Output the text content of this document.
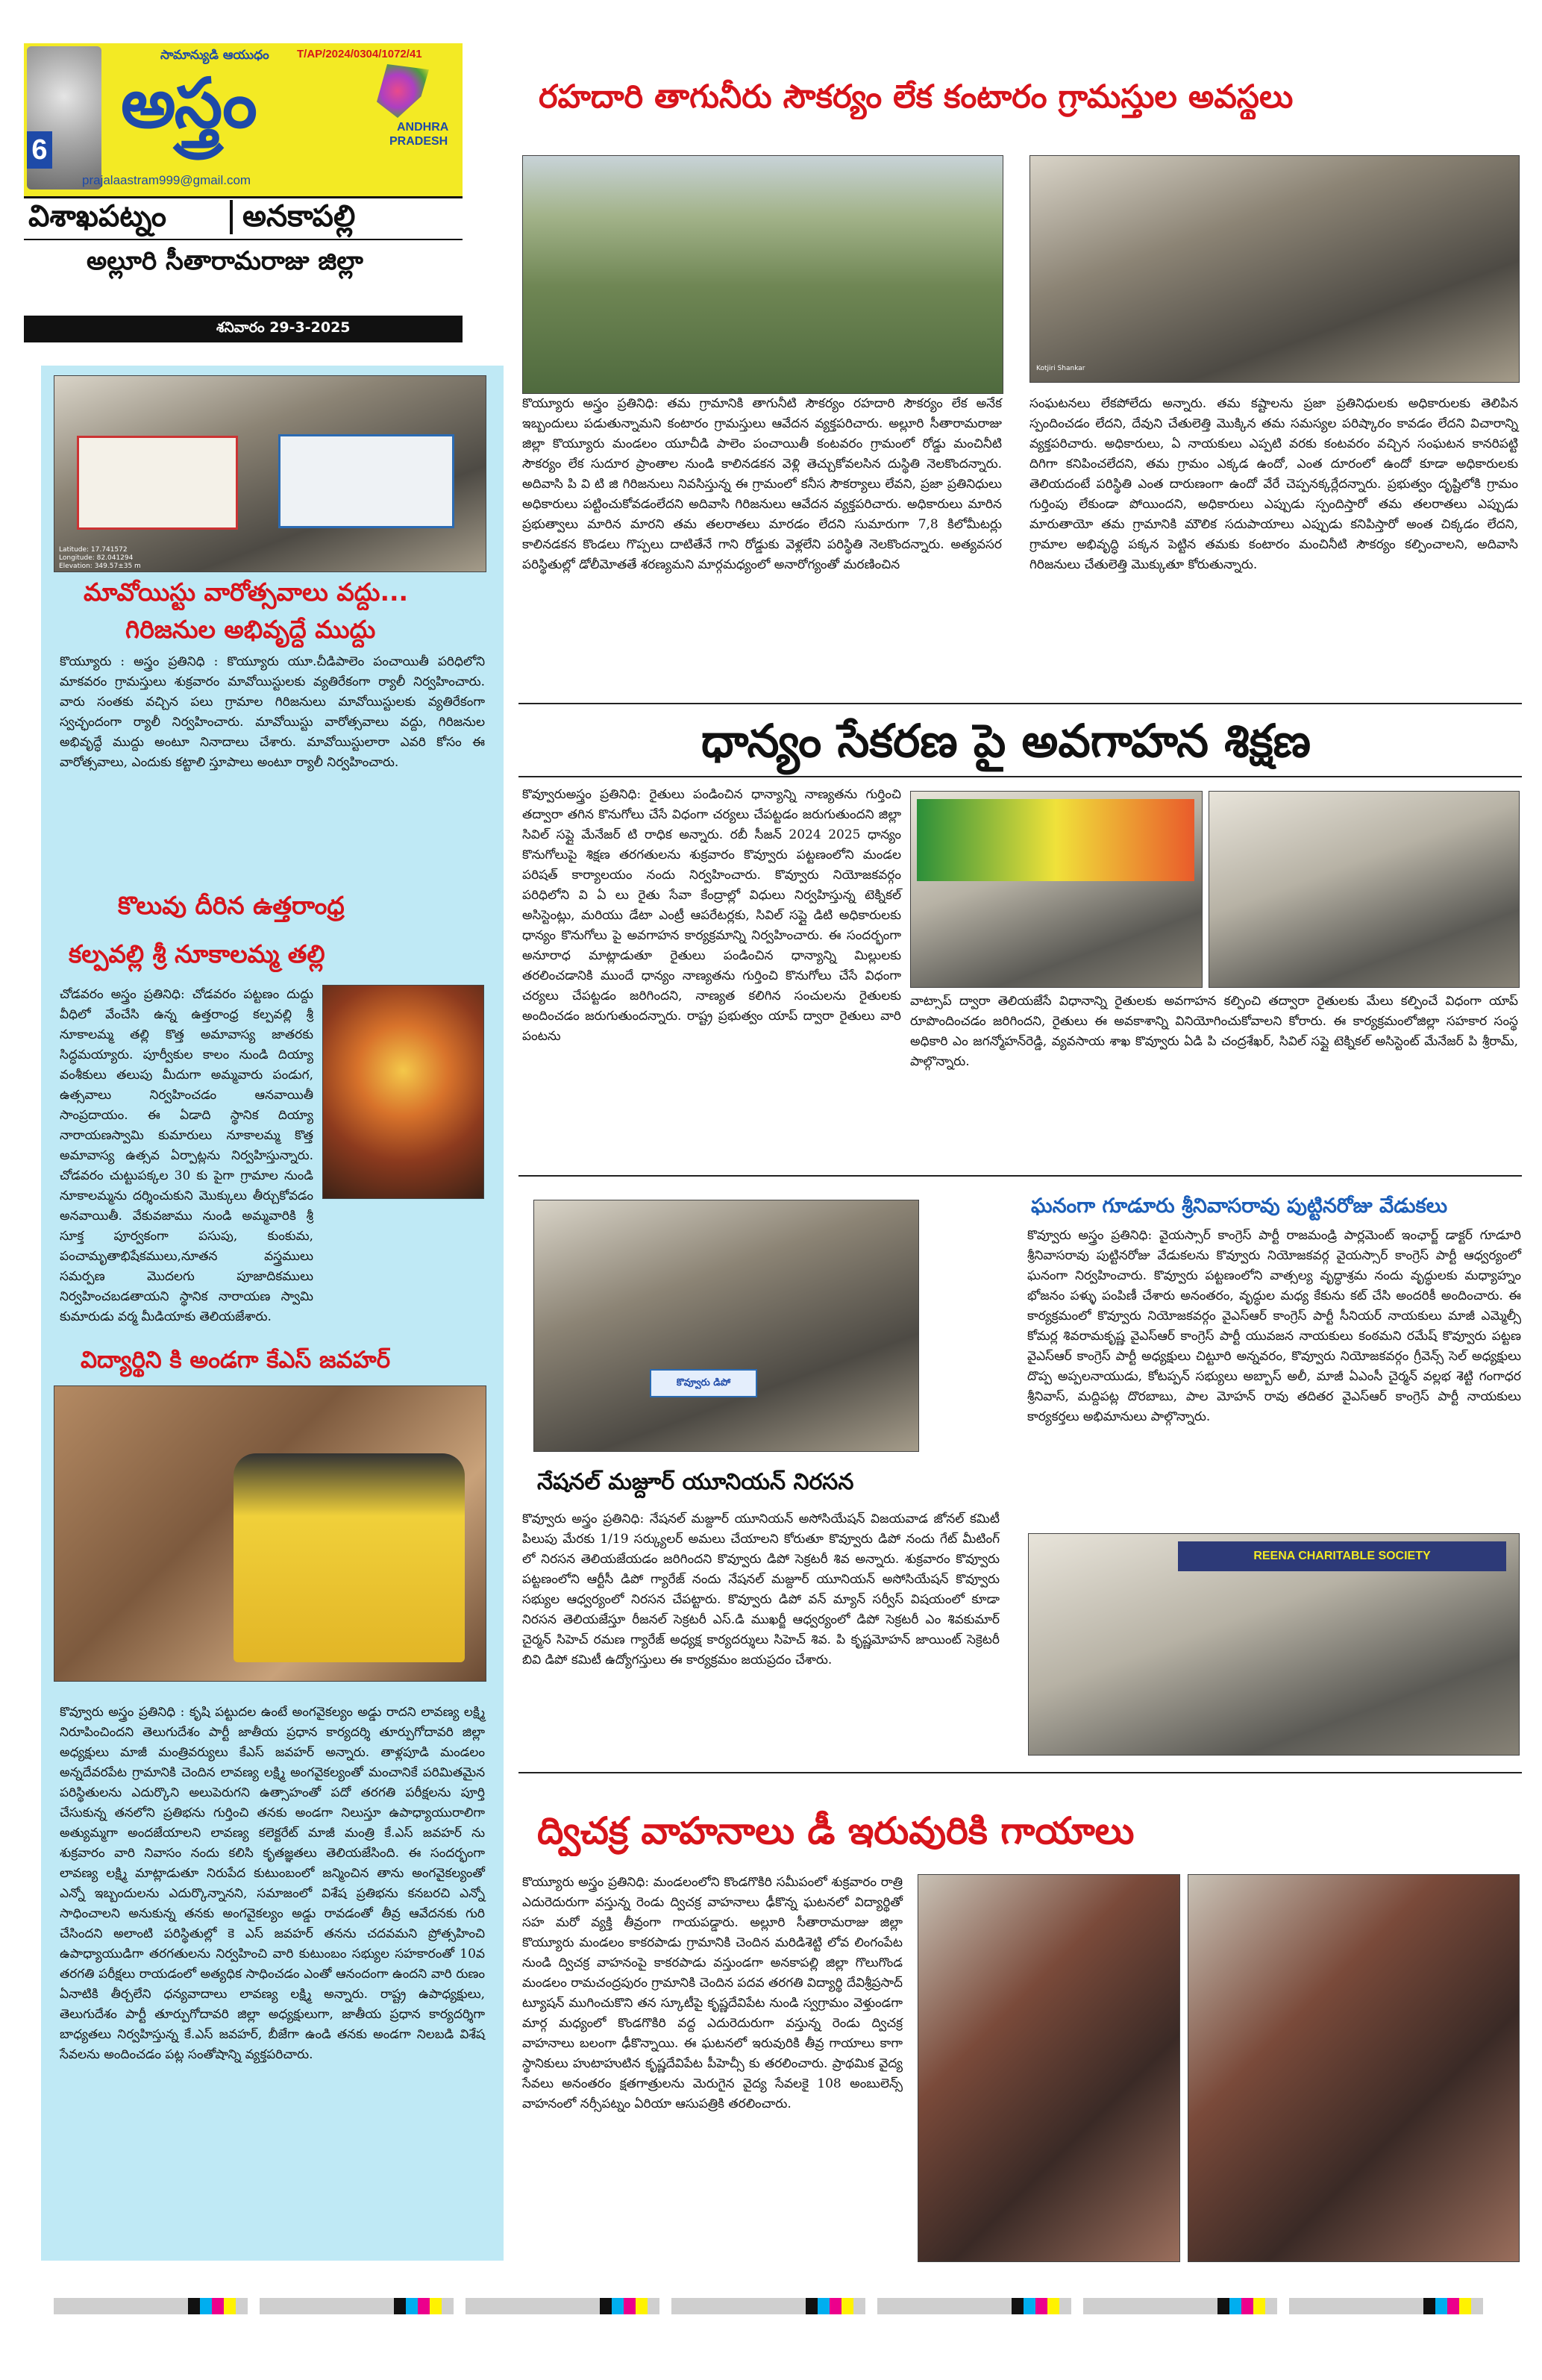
6
సామాన్యుడి ఆయుధం
అస్త్రం
T/AP/2024/0304/1072/41
ANDHRA
PRADESH
prajalaastram999@gmail.com
విశాఖపట్నం	అనకాపల్లి
అల్లూరి సీతారామరాజు జిల్లా
శనివారం 29-3-2025
Latitude: 17.741572
Longitude: 82.041294
Elevation: 349.57±35 m
మావోయిస్టు వారోత్సవాలు వద్దు...
గిరిజనుల అభివృద్ధే ముద్దు

కొయ్యూరు : అస్త్రం ప్రతినిధి : కొయ్యూరు యూ.చీడిపాలెం పంచాయితీ పరిధిలోని మాకవరం గ్రామస్తులు శుక్రవారం మావోయిస్టులకు వ్యతిరేకంగా ర్యాలీ నిర్వహించారు. వారు సంతకు వచ్చిన పలు గ్రామాల గిరిజనులు మావోయిస్టులకు వ్యతిరేకంగా స్వచ్ఛందంగా ర్యాలీ నిర్వహించారు. మావోయిస్టు వారోత్సవాలు వద్దు, గిరిజనుల అభివృద్ధే ముద్దు అంటూ నినాదాలు చేశారు. మావోయిస్టులారా ఎవరి కోసం ఈ వారోత్సవాలు, ఎందుకు కట్టాలి స్తూపాలు అంటూ ర్యాలీ నిర్వహించారు.

కొలువు దీరిన ఉత్తరాంధ్ర
కల్పవల్లి శ్రీ నూకాలమ్మ తల్లి

చోడవరం అస్త్రం ప్రతినిధి: చోడవరం పట్టణం దుద్దు వీధిలో వేంచేసి ఉన్న ఉత్తరాంధ్ర కల్పవల్లి శ్రీ నూకాలమ్మ తల్లి కొత్త అమావాస్య జాతరకు సిద్ధమయ్యారు. పూర్వీకుల కాలం నుండి దియ్యా వంశీకులు తలుపు మీదుగా అమ్మవారు పండుగ, ఉత్సవాలు నిర్వహించడం ఆనవాయితీ సాంప్రదాయం. ఈ ఏడాది స్థానిక దియ్యా నారాయణస్వామి కుమారులు నూకాలమ్మ కొత్త అమావాస్య ఉత్సవ ఏర్పాట్లను నిర్వహిస్తున్నారు. చోడవరం చుట్టుపక్కల 30 కు పైగా గ్రామాల నుండి నూకాలమ్మను దర్శించుకుని మొక్కులు తీర్చుకోవడం అనవాయితీ. వేకువజాము నుండి అమ్మవారికి శ్రీ సూక్త పూర్వకంగా పసుపు, కుంకుమ, పంచామృతాభిషేకములు,నూతన వస్త్రములు సమర్పణ మొదలగు పూజాదికములు నిర్వహించబడతాయని స్థానిక నారాయణ స్వామి కుమారుడు వర్మ మీడియాకు తెలియజేశారు.

విద్యార్థిని కి అండగా కేఎస్ జవహర్

కొవ్వూరు అస్త్రం ప్రతినిధి : కృషి పట్టుదల ఉంటే అంగవైకల్యం అడ్డు రాదని లావణ్య లక్ష్మి నిరూపించిందని తెలుగుదేశం పార్టీ జాతీయ ప్రధాన కార్యదర్శి తూర్పుగోదావరి జిల్లా అధ్యక్షులు మాజీ మంత్రివర్యులు కేఎస్ జవహర్ అన్నారు. తాళ్లపూడి మండలం అన్నదేవరపేట గ్రామానికి చెందిన లావణ్య లక్ష్మి అంగవైకల్యంతో మంచానికే పరిమితమైన పరిస్థితులను ఎదుర్కొని అలుపెరుగని ఉత్సాహంతో పదో తరగతి పరీక్షలను పూర్తి చేసుకున్న తనలోని ప్రతిభను గుర్తించి తనకు అండగా నిలుస్తూ ఉపాధ్యాయురాలిగా అత్యుమ్మగా అందజేయాలని లావణ్య కలెక్టరేట్ మాజీ మంత్రి కే.ఎస్ జవహర్ ను శుక్రవారం వారి నివాసం నందు కలిసి కృతజ్ఞతలు తెలియజేసింది. ఈ సందర్భంగా లావణ్య లక్ష్మి మాట్లాడుతూ నిరుపేద కుటుంబంలో జన్మించిన తాను అంగవైకల్యంతో ఎన్నో ఇబ్బందులను ఎదుర్కొన్నానని, సమాజంలో విశేష ప్రతిభను కనబరచి ఎన్నో సాధించాలని అనుకున్న తనకు అంగవైకల్యం అడ్డు రావడంతో తీవ్ర ఆవేదనకు గురి చేసిందని అలాంటి పరిస్థితుల్లో కె ఎస్ జవహర్ తనను చదవమని ప్రోత్సహించి ఉపాధ్యాయుడిగా తరగతులను నిర్వహించి వారి కుటుంబం సభ్యుల సహకారంతో 10వ తరగతి పరీక్షలు రాయడంలో అత్యధిక సాధించడం ఎంతో ఆనందంగా ఉందని వారి రుణం ఏనాటికి తీర్చలేని ధన్యవాదాలు లావణ్య లక్ష్మి అన్నారు. రాష్ట్ర ఉపాధ్యక్షులు, తెలుగుదేశం పార్టీ తూర్పుగోదావరి జిల్లా అధ్యక్షులుగా, జాతీయ ప్రధాన కార్యదర్శిగా బాధ్యతలు నిర్వహిస్తున్న కే.ఎస్ జవహర్, బీజేగా ఉండి తనకు అండగా నిలబడి విశేష సేవలను అందించడం పట్ల సంతోషాన్ని వ్యక్తపరిచారు.

రహదారి తాగునీరు సౌకర్యం లేక కంటారం గ్రామస్తుల అవస్థలు
Kotjiri Shankar

కొయ్యూరు అస్త్రం ప్రతినిధి: తమ గ్రామానికి తాగునీటి సౌకర్యం రహదారి సౌకర్యం లేక అనేక ఇబ్బందులు పడుతున్నామని కంటారం గ్రామస్తులు ఆవేదన వ్యక్తపరిచారు. అల్లూరి సీతారామరాజు జిల్లా కొయ్యూరు మండలం యూచీడి పాలెం పంచాయితీ కంటవరం గ్రామంలో రోడ్డు మంచినీటి సౌకర్యం లేక సుదూర ప్రాంతాల నుండి కాలినడకన వెళ్లి తెచ్చుకోవలసిన దుస్థితి నెలకొందన్నారు. అదివాసి పి వి టి జి గిరిజనులు నివసిస్తున్న ఈ గ్రామంలో కనీస సౌకర్యాలు లేవని, ప్రజా ప్రతినిధులు అధికారులు పట్టించుకోవడంలేదని అదివాసి గిరిజనులు ఆవేదన వ్యక్తపరిచారు. అధికారులు మారిన ప్రభుత్వాలు మారిన మారని తమ తలరాతలు మారడం లేదని సుమారుగా 7,8 కిలోమీటర్లు కాలినడకన కొండలు గొప్పలు దాటితేనే గాని రోడ్డుకు వెళ్లలేని పరిస్థితి నెలకొందన్నారు. అత్యవసర పరిస్థితుల్లో డోలీమోతతే శరణ్యమని మార్గమధ్యంలో అనారోగ్యంతో మరణించిన

సంఘటనలు లేకపోలేదు అన్నారు. తమ కష్టాలను ప్రజా ప్రతినిధులకు అధికారులకు తెలిపిన స్పందించడం లేదని, దేవుని చేతులెత్తి మొక్కిన తమ సమస్యల పరిష్కారం కావడం లేదని విచారాన్ని వ్యక్తపరిచారు. అధికారులు, ఏ నాయకులు ఎప్పటి వరకు కంటవరం వచ్చిన సంఘటన కానరిపట్టి దిగిగా కనిపించలేదని, తమ గ్రామం ఎక్కడ ఉందో, ఎంత దూరంలో ఉందో కూడా అధికారులకు తెలియదంటే పరిస్థితి ఎంత దారుణంగా ఉందో వేరే చెప్పనక్కర్లేదన్నారు. ప్రభుత్వం దృష్టిలోకి గ్రామం గుర్తింపు లేకుండా పోయిందని, అధికారులు ఎప్పుడు స్పందిస్తారో తమ తలరాతలు ఎప్పుడు మారుతాయో తమ గ్రామానికి మౌలిక సదుపాయాలు ఎప్పుడు కనిపిస్తారో అంత చిక్కడం లేదని, గ్రామాల అభివృద్ధి పక్కన పెట్టిన తమకు కంటారం మంచినీటి సౌకర్యం కల్పించాలని, అదివాసి గిరిజనులు చేతులెత్తి మొక్కుతూ కోరుతున్నారు.

ధాన్యం సేకరణ పై అవగాహన శిక్షణ

కొవ్వూరుఅస్త్రం ప్రతినిధి: రైతులు పండించిన ధాన్యాన్ని నాణ్యతను గుర్తించి తద్వారా తగిన కొనుగోలు చేసే విధంగా చర్యలు చేపట్టడం జరుగుతుందని జిల్లా సివిల్ సప్లై మేనేజర్ టి రాధిక అన్నారు. రబీ సీజన్ 2024 2025 ధాన్యం కొనుగోలుపై శిక్షణ తరగతులను శుక్రవారం కొవ్వూరు పట్టణంలోని మండల పరిషత్ కార్యాలయం నందు నిర్వహించారు. కొవ్వూరు నియోజకవర్గం పరిధిలోని వి ఏ లు రైతు సేవా కేంద్రాల్లో విధులు నిర్వహిస్తున్న టెక్నికల్ అసిస్టెంట్లు, మరియు డేటా ఎంట్రీ ఆపరేటర్లకు, సివిల్ సప్లై డిటి అధికారులకు ధాన్యం కొనుగోలు పై అవగాహన కార్యక్రమాన్ని నిర్వహించారు. ఈ సందర్భంగా అనూరాధ మాట్లాడుతూ రైతులు పండించిన ధాన్యాన్ని మిల్లులకు తరలించడానికి ముందే ధాన్యం నాణ్యతను గుర్తించి కొనుగోలు చేసే విధంగా చర్యలు చేపట్టడం జరిగిందని, నాణ్యత కలిగిన సంచులను రైతులకు అందించడం జరుగుతుందన్నారు. రాష్ట్ర ప్రభుత్వం యాప్ ద్వారా రైతులు వారి పంటను

వాట్సాప్ ద్వారా తెలియజేసే విధానాన్ని రైతులకు అవగాహన కల్పించి తద్వారా రైతులకు మేలు కల్పించే విధంగా యాప్ రూపొందించడం జరిగిందని, రైతులు ఈ అవకాశాన్ని వినియోగించుకోవాలని కోరారు. ఈ కార్యక్రమంలోజిల్లా సహకార సంస్థ అధికారి ఎం జగన్మోహన్‌రెడ్డి, వ్యవసాయ శాఖ కొవ్వూరు ఏడి పి చంద్రశేఖర్, సివిల్ సప్లై టెక్నికల్ అసిస్టెంట్ మేనేజర్ పి శ్రీరామ్, పాల్గొన్నారు.

కొవ్వూరు డిపో
నేషనల్ మజ్దూర్ యూనియన్ నిరసన

కొవ్వూరు అస్త్రం ప్రతినిధి: నేషనల్ మజ్దూర్ యూనియన్ అసోసియేషన్ విజయవాడ జోనల్ కమిటీ పిలుపు మేరకు 1/19 సర్క్యులర్ అమలు చేయాలని కోరుతూ కొవ్వూరు డిపో నందు గేట్ మీటింగ్ లో నిరసన తెలియజేయడం జరిగిందని కొవ్వూరు డిపో సెక్రటరీ శివ అన్నారు. శుక్రవారం కొవ్వూరు పట్టణంలోని ఆర్టీసీ డిపో గ్యారేజ్ నందు నేషనల్ మజ్దూర్ యూనియన్ అసోసియేషన్ కొవ్వూరు సభ్యుల ఆధ్వర్యంలో నిరసన చేపట్టారు. కొవ్వూరు డిపో వన్ మ్యాన్ సర్వీస్ విషయంలో కూడా నిరసన తెలియజేస్తూ రీజనల్ సెక్రటరీ ఎస్.డి ముఖర్జీ ఆధ్వర్యంలో డిపో సెక్రటరీ ఎం శివకుమార్ చైర్మన్ సిహెచ్ రమణ గ్యారేజ్ అధ్యక్ష కార్యదర్శులు సిహెచ్ శివ. పి కృష్ణమోహన్ జాయింట్ సెక్రెటరీ బివి డిపో కమిటీ ఉద్యోగస్తులు ఈ కార్యక్రమం జయప్రదం చేశారు.

ఘనంగా గూడూరు శ్రీనివాసరావు పుట్టినరోజు వేడుకలు

కొవ్వూరు అస్త్రం ప్రతినిధి: వైయస్సార్ కాంగ్రెస్ పార్టీ రాజమండ్రి పార్లమెంట్ ఇంఛార్జ్ డాక్టర్ గూడూరి శ్రీనివాసరావు పుట్టినరోజు వేడుకలను కొవ్వూరు నియోజకవర్గ వైయస్సార్ కాంగ్రెస్ పార్టీ ఆధ్వర్యంలో ఘనంగా నిర్వహించారు. కొవ్వూరు పట్టణంలోని వాత్సల్య వృద్ధాశ్రమ నందు వృద్ధులకు మధ్యాహ్నం భోజనం పళ్ళు పంపిణీ చేశారు అనంతరం, వృద్ధుల మధ్య కేకును కట్ చేసి అందరికీ అందించారు. ఈ కార్యక్రమంలో కొవ్వూరు నియోజకవర్గం వైఎస్ఆర్ కాంగ్రెస్ పార్టీ సీనియర్ నాయకులు మాజీ ఎమ్మెల్సీ కోమర్ల శివరామకృష్ణ వైఎస్ఆర్ కాంగ్రెస్ పార్టీ యువజన నాయకులు కంఠమని రమేష్ కొవ్వూరు పట్టణ వైఎస్ఆర్ కాంగ్రెస్ పార్టీ అధ్యక్షులు చిట్టూరి అన్నవరం, కొవ్వూరు నియోజకవర్గం గ్రీవెన్స్ సెల్ అధ్యక్షులు దొప్ప అప్పలనాయుడు, కోటప్పన్ సభ్యులు అబ్బాస్ అలీ, మాజీ ఏఎంసీ చైర్మన్ వల్లభ శెట్టి గంగాధర శ్రీనివాస్, మద్దిపట్ల దొరబాబు, పాల మోహన్ రావు తదితర వైఎస్ఆర్ కాంగ్రెస్ పార్టీ నాయకులు కార్యకర్తలు అభిమానులు పాల్గొన్నారు.

REENA CHARITABLE SOCIETY
ద్విచక్ర వాహనాలు డీ ఇరువురికి గాయాలు

కొయ్యూరు అస్త్రం ప్రతినిధి: మండలంలోని కొండగొకిరి సమీపంలో శుక్రవారం రాత్రి ఎదురెదురుగా వస్తున్న రెండు ద్విచక్ర వాహనాలు ఢీకొన్న ఘటనలో విద్యార్థితో సహ మరో వ్యక్తి తీవ్రంగా గాయపడ్డారు. అల్లూరి సీతారామరాజు జిల్లా కొయ్యూరు మండలం కాకరపాడు గ్రామానికి చెందిన మరిడిశెట్టి లోవ లింగంపేట నుండి ద్విచక్ర వాహనంపై కాకరపాడు వస్తుండగా అనకాపల్లి జిల్లా గొలుగొండ మండలం రామచంద్రపురం గ్రామానికి చెందిన పదవ తరగతి విద్యార్థి దేవిశ్రీప్రసాద్ ట్యూషన్ ముగించుకొని తన స్కూటీపై కృష్ణదేవిపేట నుండి స్వగ్రామం వెళ్తుండగా మార్గ మధ్యంలో కొండగొకిరి వద్ద ఎదురెదురుగా వస్తున్న రెండు ద్విచక్ర వాహనాలు బలంగా ఢీకొన్నాయి. ఈ ఘటనలో ఇరువురికి తీవ్ర గాయాలు కాగా స్థానికులు హుటాహుటిన కృష్ణదేవిపేట పీహెచ్సీ కు తరలించారు. ప్రాథమిక వైద్య సేవలు అనంతరం క్షతగాత్రులను మెరుగైన వైద్య సేవలకై 108 అంబులెన్స్ వాహనంలో నర్సీపట్నం ఏరియా ఆసుపత్రికి తరలించారు.
